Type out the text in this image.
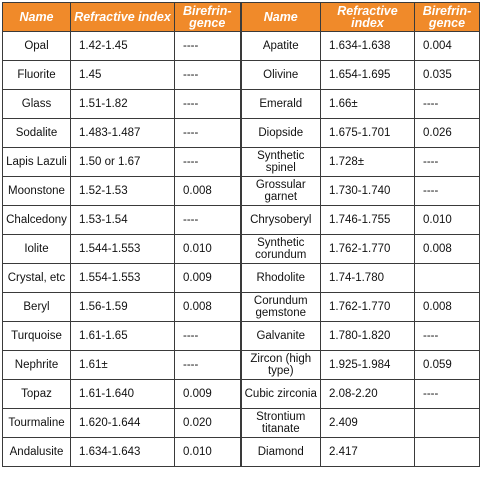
Name	Refractive index	Birefrin-gence	Name	Refractive index	Birefrin-gence
Opal	1.42-1.45	----	Apatite	1.634-1.638	0.004
Fluorite	1.45	----	Olivine	1.654-1.695	0.035
Glass	1.51-1.82	----	Emerald	1.66±	----
Sodalite	1.483-1.487	----	Diopside	1.675-1.701	0.026
Lapis Lazuli	1.50 or 1.67	----	Synthetic spinel	1.728±	----
Moonstone	1.52-1.53	0.008	Grossular garnet	1.730-1.740	----
Chalcedony	1.53-1.54	----	Chrysoberyl	1.746-1.755	0.010
Iolite	1.544-1.553	0.010	Synthetic corundum	1.762-1.770	0.008
Crystal, etc	1.554-1.553	0.009	Rhodolite	1.74-1.780	
Beryl	1.56-1.59	0.008	Corundum gemstone	1.762-1.770	0.008
Turquoise	1.61-1.65	----	Galvanite	1.780-1.820	----
Nephrite	1.61±	----	Zircon (high type)	1.925-1.984	0.059
Topaz	1.61-1.640	0.009	Cubic zirconia	2.08-2.20	----
Tourmaline	1.620-1.644	0.020	Strontium titanate	2.409	
Andalusite	1.634-1.643	0.010	Diamond	2.417	
